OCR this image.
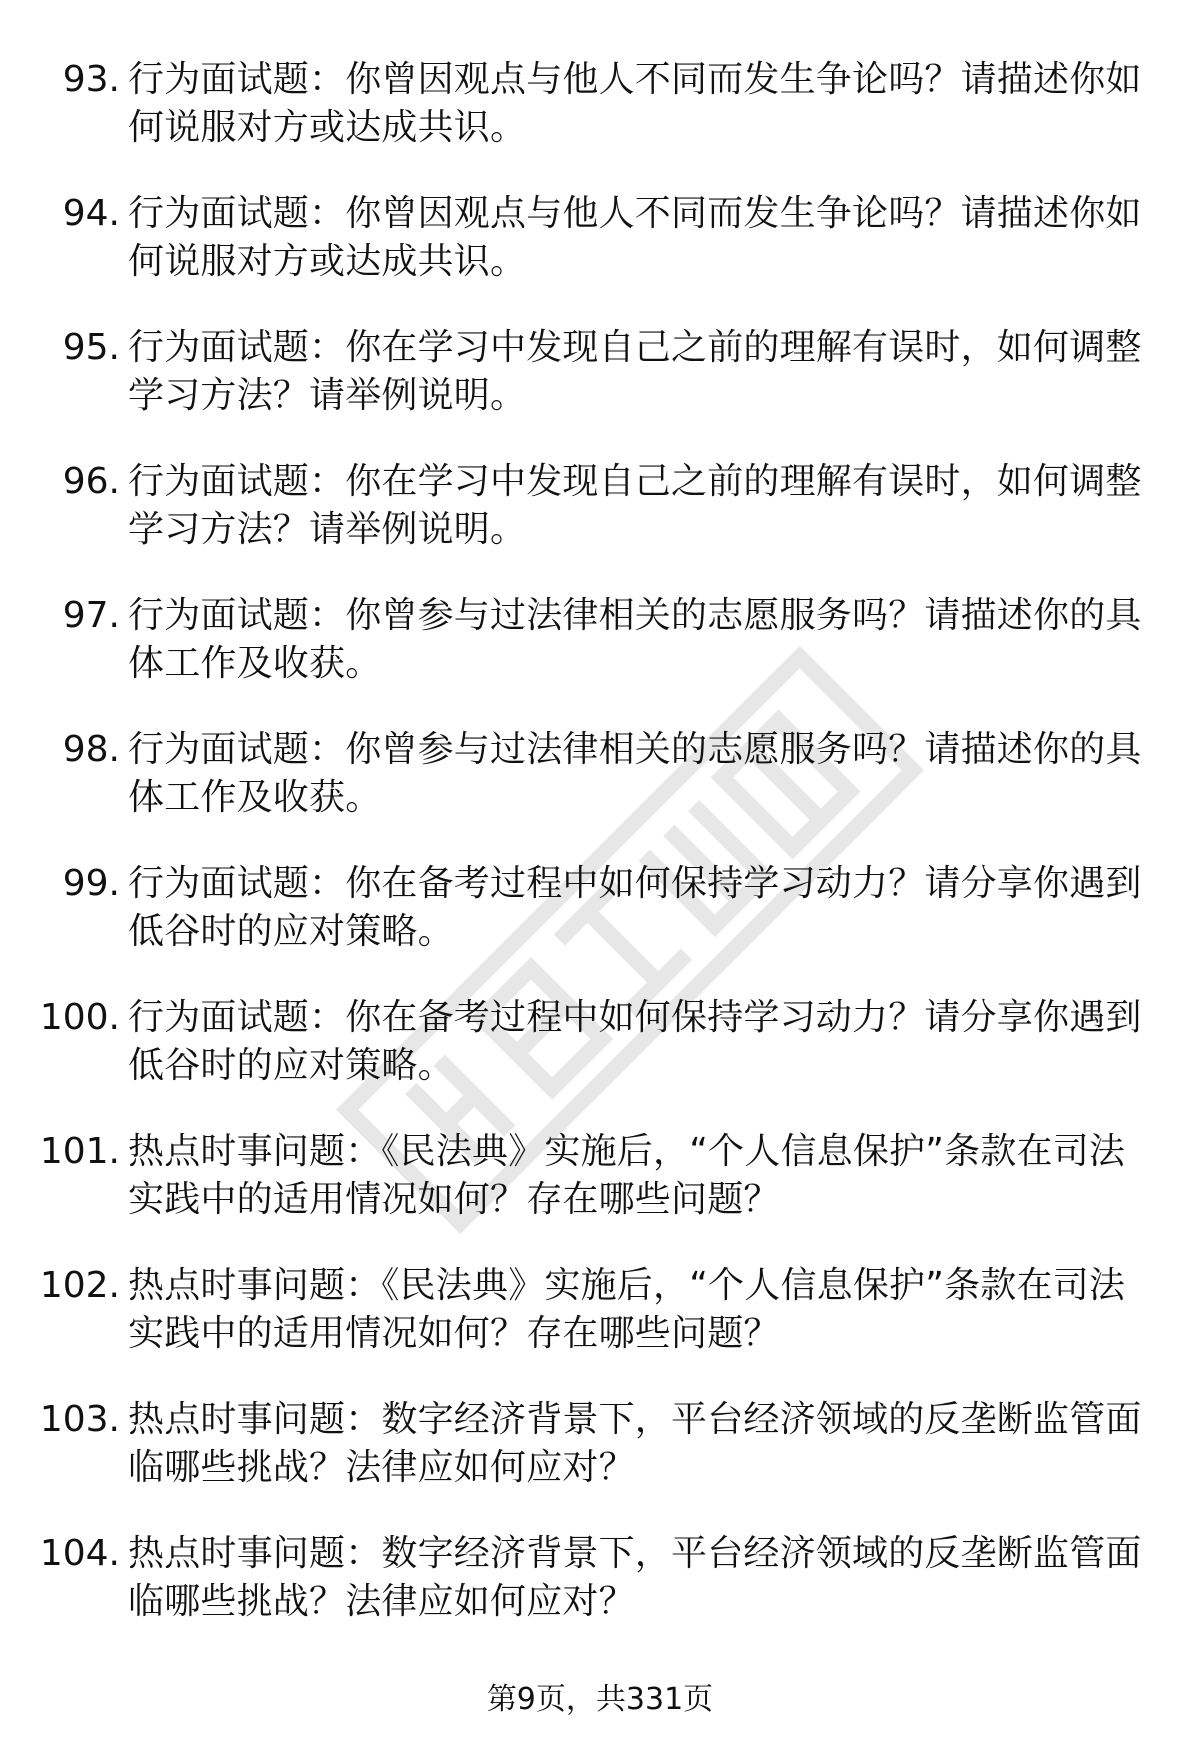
93. 行为面试题：你曾因观点与他人不同而发生争论吗？请描述你如何说服对方或达成共识。
94. 行为面试题：你曾因观点与他人不同而发生争论吗？请描述你如何说服对方或达成共识。
95. 行为面试题：你在学习中发现自己之前的理解有误时，如何调整学习方法？请举例说明。
96. 行为面试题：你在学习中发现自己之前的理解有误时，如何调整学习方法？请举例说明。
97. 行为面试题：你曾参与过法律相关的志愿服务吗？请描述你的具体工作及收获。
98. 行为面试题：你曾参与过法律相关的志愿服务吗？请描述你的具体工作及收获。
99. 行为面试题：你在备考过程中如何保持学习动力？请分享你遇到低谷时的应对策略。
100. 行为面试题：你在备考过程中如何保持学习动力？请分享你遇到低谷时的应对策略。
101. 热点时事问题：《民法典》实施后，“个人信息保护”条款在司法实践中的适用情况如何？存在哪些问题？
102. 热点时事问题：《民法典》实施后，“个人信息保护”条款在司法实践中的适用情况如何？存在哪些问题？
103. 热点时事问题：数字经济背景下，平台经济领域的反垄断监管面临哪些挑战？法律应如何应对？
104. 热点时事问题：数字经济背景下，平台经济领域的反垄断监管面临哪些挑战？法律应如何应对？
第9页，共331页
